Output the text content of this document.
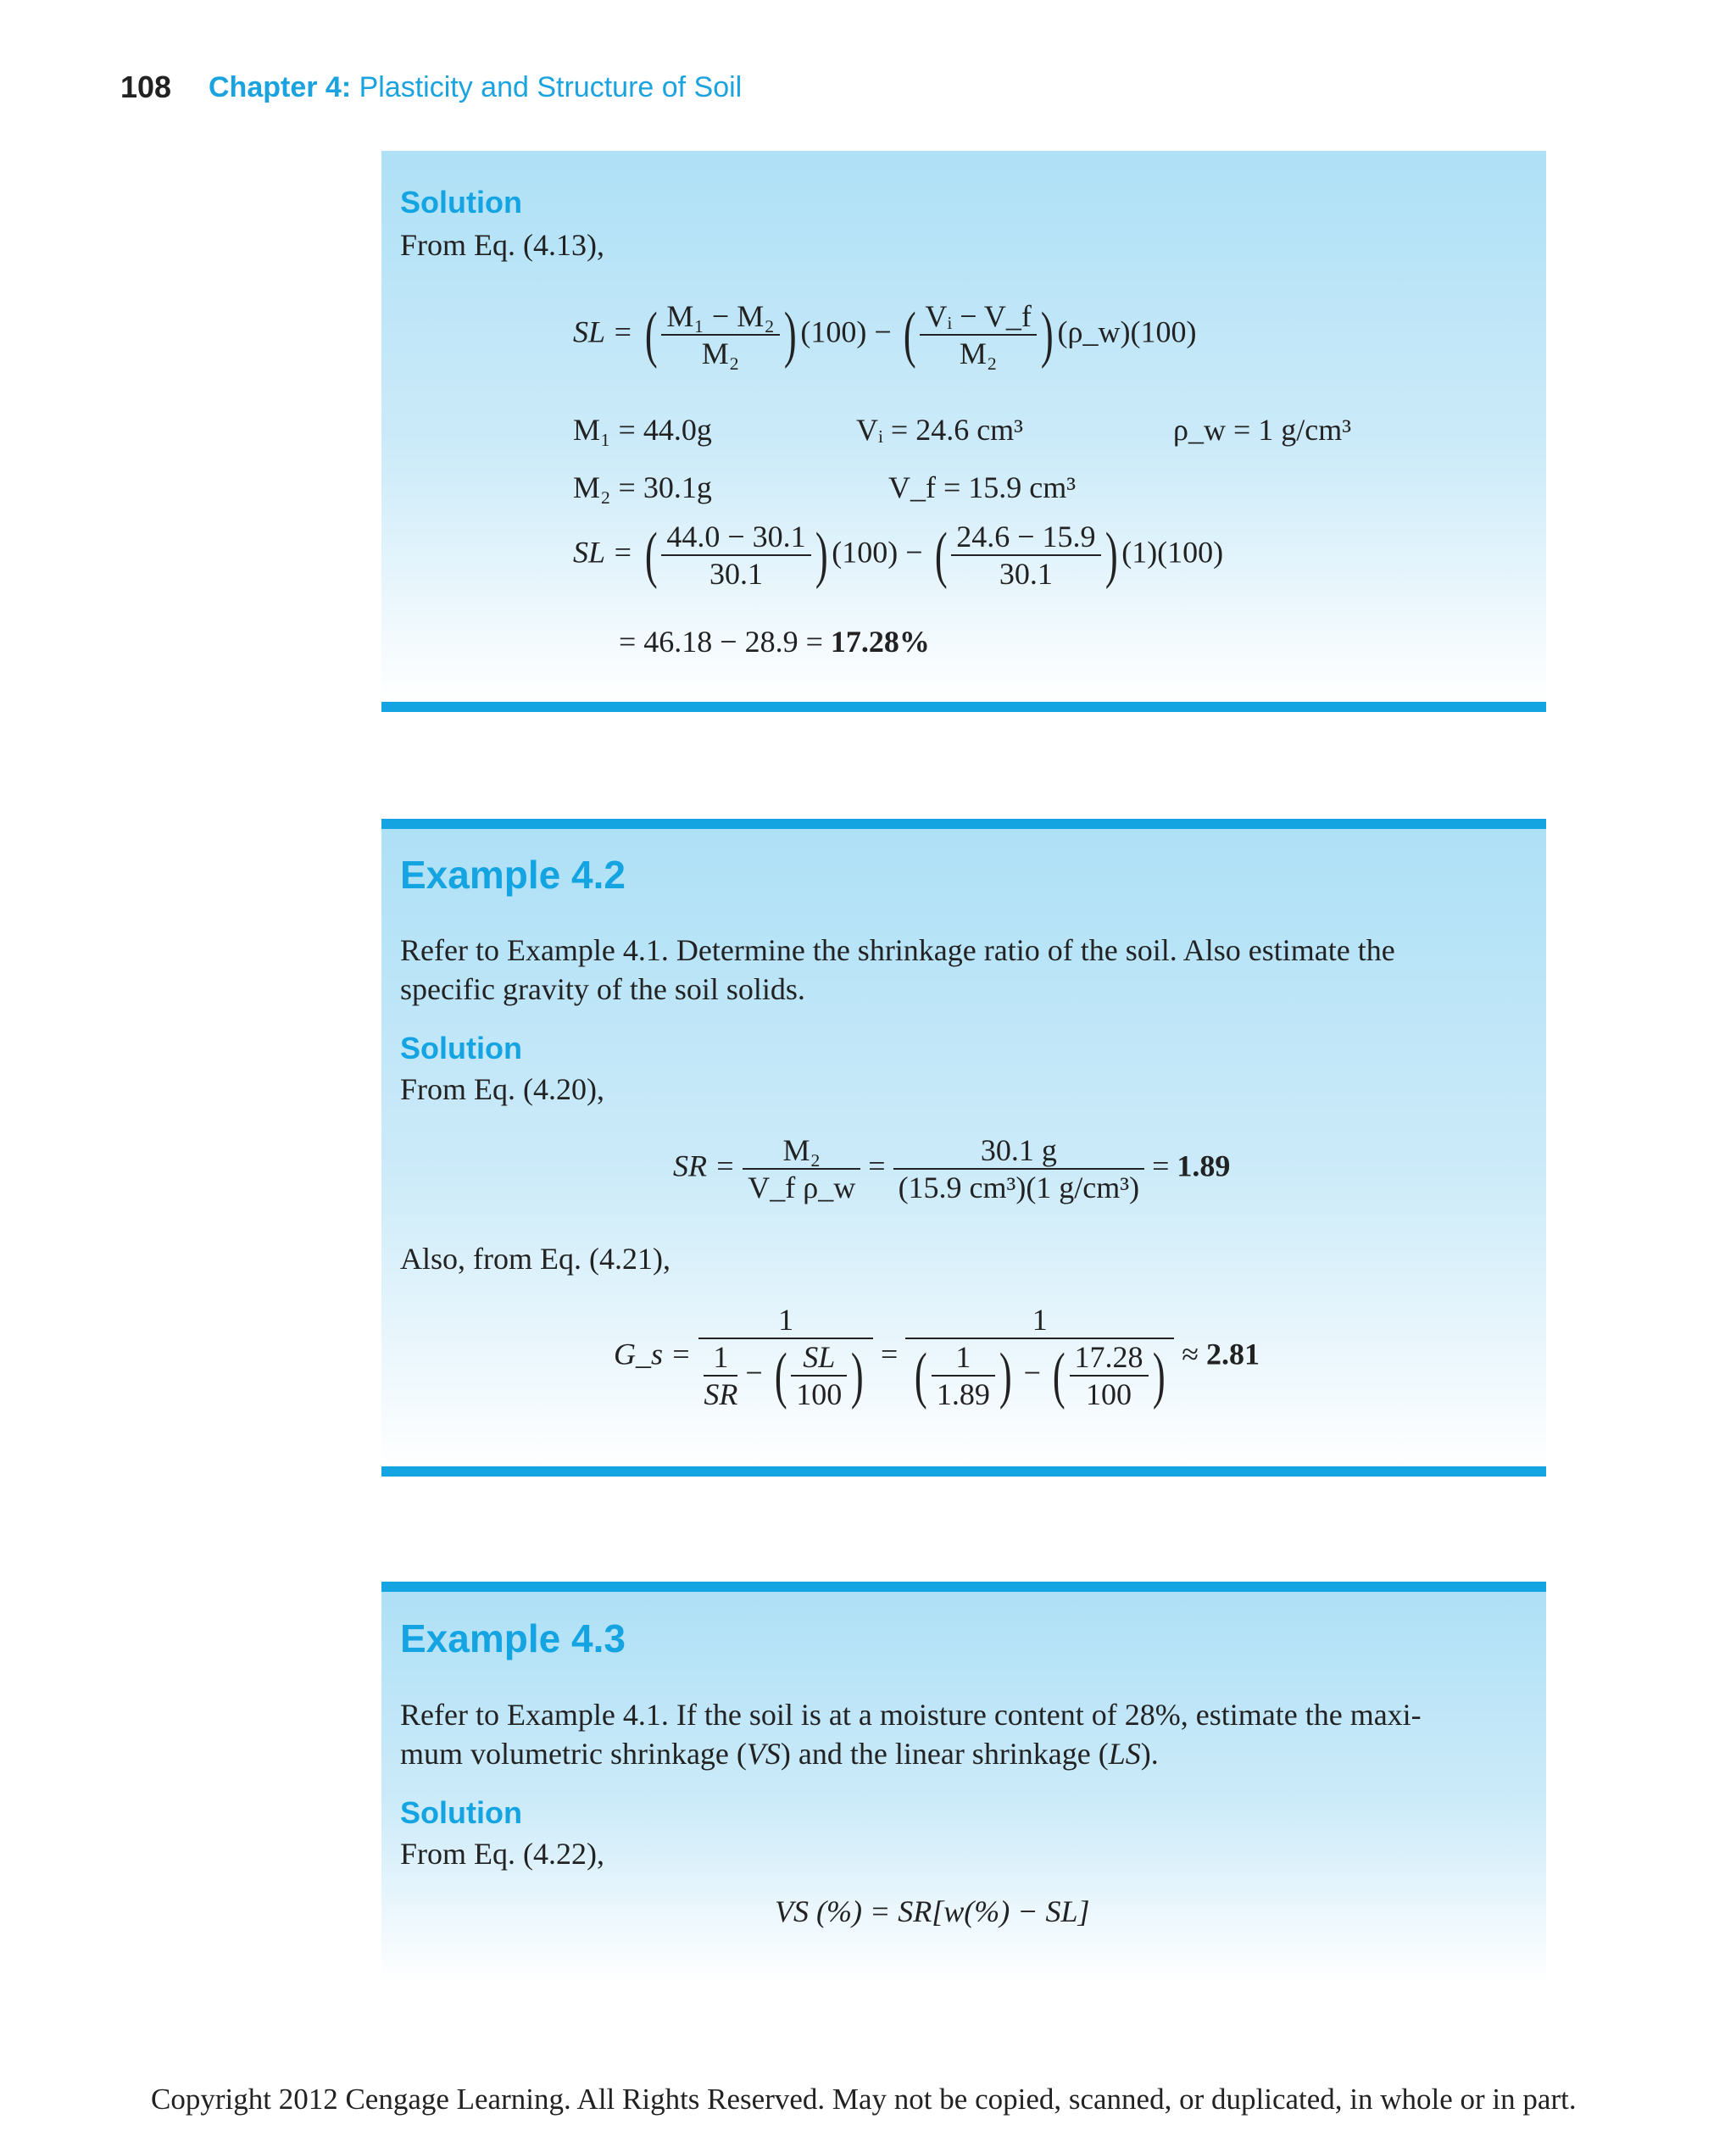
108 Chapter 4: Plasticity and Structure of Soil
Solution
From Eq. (4.13),
SL = ( $\frac{\text{M₁ − M₂}}{\text{M₂}}$ ) (100) − ( $\frac{\text{Vᵢ − V\_f}}{\text{M₂}}$ ) (ρ_w)(100)
M₁ = 44.0g	Vᵢ = 24.6 cm³	ρ_w = 1 g/cm³
M₂ = 30.1g	V_f = 15.9 cm³
SL = ( $\frac{44.0 - 30.1}{30.1}$ ) (100) − ( $\frac{24.6 - 15.9}{30.1}$ ) (1)(100)
= 46.18 − 28.9 = 17.28%
Example 4.2
Refer to Example 4.1. Determine the shrinkage ratio of the soil. Also estimate the
specific gravity of the soil solids.
Solution
From Eq. (4.20),
SR = $\frac{\text{M₂}}{\text{V\_f ρ\_w}} = \frac{30.1 g}{\text{(15.9 cm³)(1 g/cm³)}} = 1.89$
Also, from Eq. (4.21),
G_s = $\frac{1}{\frac{1}{SR} - ( \frac{SL}{100} )} = \frac{1}{( \frac{1}{1.89} ) - ( \frac{17.28}{100} )} \approx 2.81$
Example 4.3
Refer to Example 4.1. If the soil is at a moisture content of 28%, estimate the maxi-
mum volumetric shrinkage (VS) and the linear shrinkage (LS).
Solution
From Eq. (4.22),
VS (%) = SR[w(%) − SL]
Copyright 2012 Cengage Learning. All Rights Reserved. May not be copied, scanned, or duplicated, in whole or in part.
